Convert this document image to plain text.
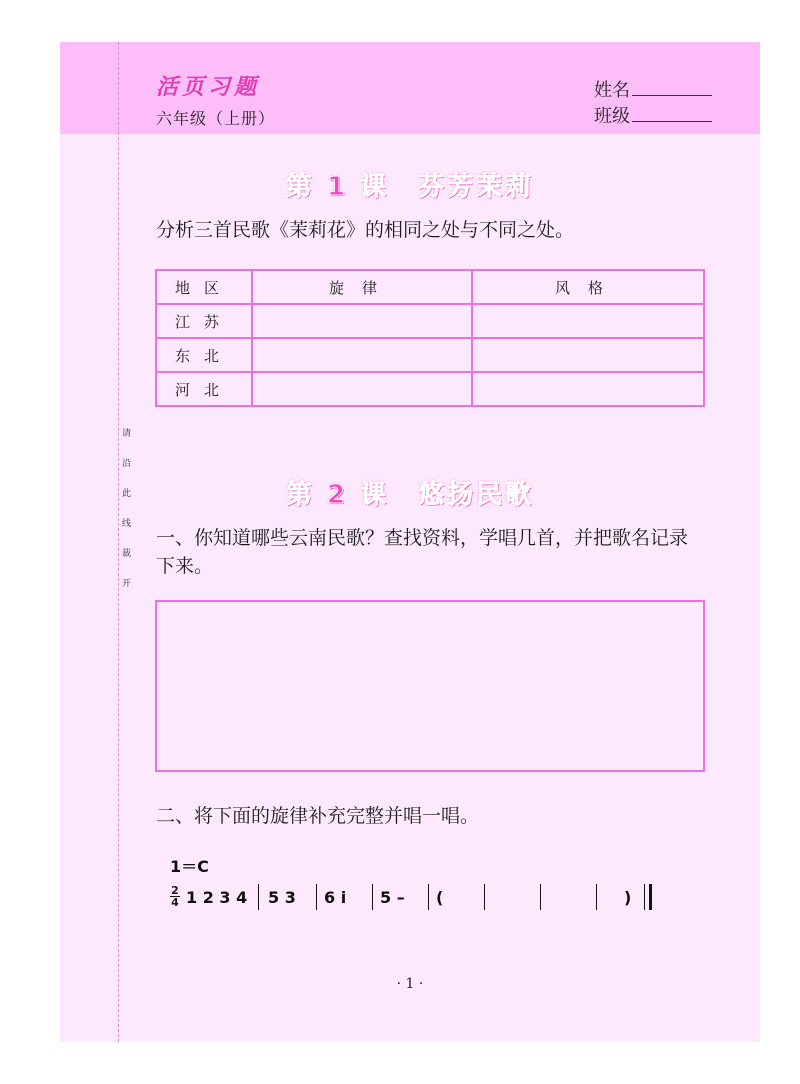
活页习题
六年级（上册）
姓名
班级
请
沿
此
线
裁
开
第 1 课　芬芳茉莉
分析三首民歌《茉莉花》的相同之处与不同之处。
地区	旋律	风格
江苏		
东北		
河北		
第 2 课　悠扬民歌
一、你知道哪些云南民歌？查找资料，学唱几首，并把歌名记录
下来。
二、将下面的旋律补充完整并唱一唱。
1＝C
2
4 1 2 3 4 5 3 6 i 5 – (	)
· 1 ·
